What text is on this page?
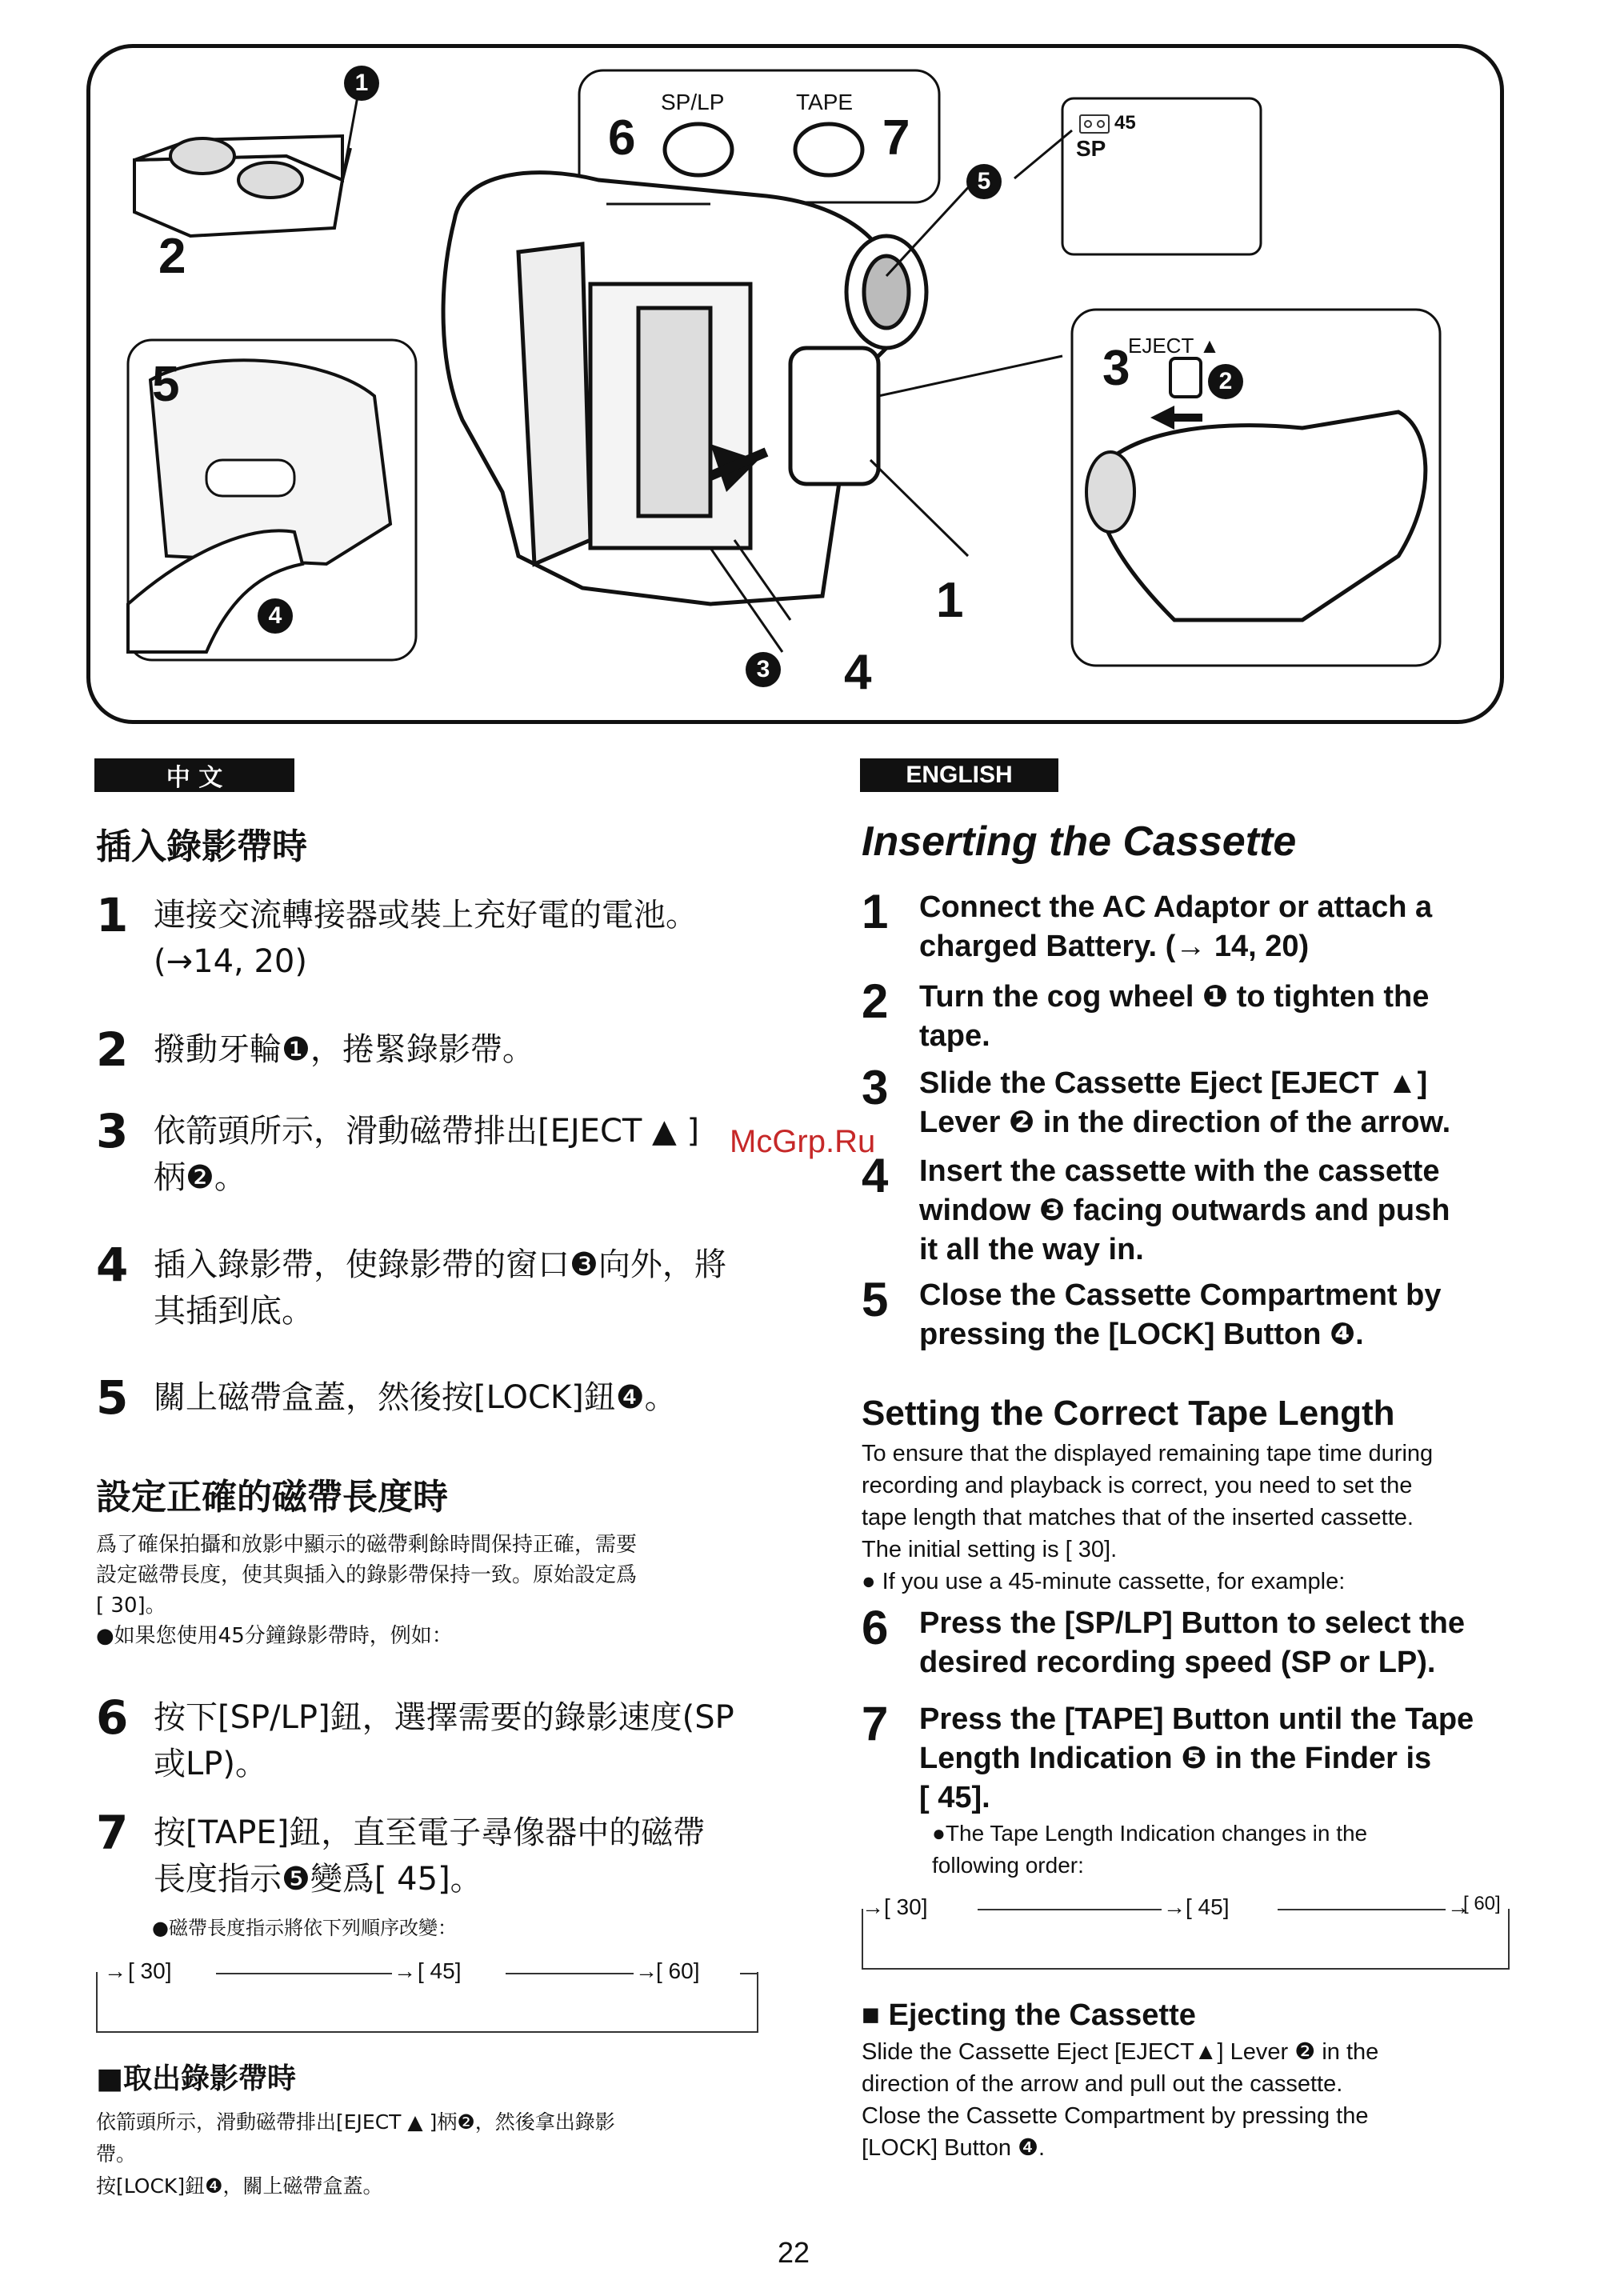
SP/LP	TAPE
EJECT ▲
45
SP
6	7
2
5	3
1
4
1
2
3
4
5
McGrp.Ru
中 文
插入錄影帶時
1 連接交流轉接器或裝上充好電的電池。
(→14, 20)
2 撥動牙輪❶，捲緊錄影帶。
3 依箭頭所示，滑動磁帶排出[EJECT ▲ ]
柄❷。
4 插入錄影帶，使錄影帶的窗口❸向外，將
其插到底。
5 關上磁帶盒蓋，然後按[LOCK]鈕❹。
設定正確的磁帶長度時
爲了確保拍攝和放影中顯示的磁帶剩餘時間保持正確，需要
設定磁帶長度，使其與插入的錄影帶保持一致。原始設定爲
[ 30]。
●如果您使用45分鐘錄影帶時，例如：
6 按下[SP/LP]鈕，選擇需要的錄影速度(SP
或LP)。
7 按[TAPE]鈕，直至電子尋像器中的磁帶
長度指示❺變爲[ 45]。
●磁帶長度指示將依下列順序改變：
→ [ 30]	→ [ 45]	→
[ 60]
■取出錄影帶時
依箭頭所示，滑動磁帶排出[EJECT ▲ ]柄❷，然後拿出錄影
帶。
按[LOCK]鈕❹，關上磁帶盒蓋。
ENGLISH
Inserting the Cassette
1	Connect the AC Adaptor or attach a
charged Battery. (→ 14, 20)
2	Turn the cog wheel ❶ to tighten the
tape.
3	Slide the Cassette Eject [EJECT ▲]
Lever ❷ in the direction of the arrow.
4	Insert the cassette with the cassette
window ❸ facing outwards and push
it all the way in.
5	Close the Cassette Compartment by
pressing the [LOCK] Button ❹.
Setting the Correct Tape Length
To ensure that the displayed remaining tape time during
recording and playback is correct, you need to set the
tape length that matches that of the inserted cassette.
The initial setting is [ 30].
● If you use a 45-minute cassette, for example:
6	Press the [SP/LP] Button to select the
desired recording speed (SP or LP).
7	Press the [TAPE] Button until the Tape
Length Indication ❺ in the Finder is
[ 45].
●The Tape Length Indication changes in the
following order:
→ [ 30]	→ [ 45]	→
[ 60]
■ Ejecting the Cassette
Slide the Cassette Eject [EJECT▲] Lever ❷ in the
direction of the arrow and pull out the cassette.
Close the Cassette Compartment by pressing the
[LOCK] Button ❹.
22
